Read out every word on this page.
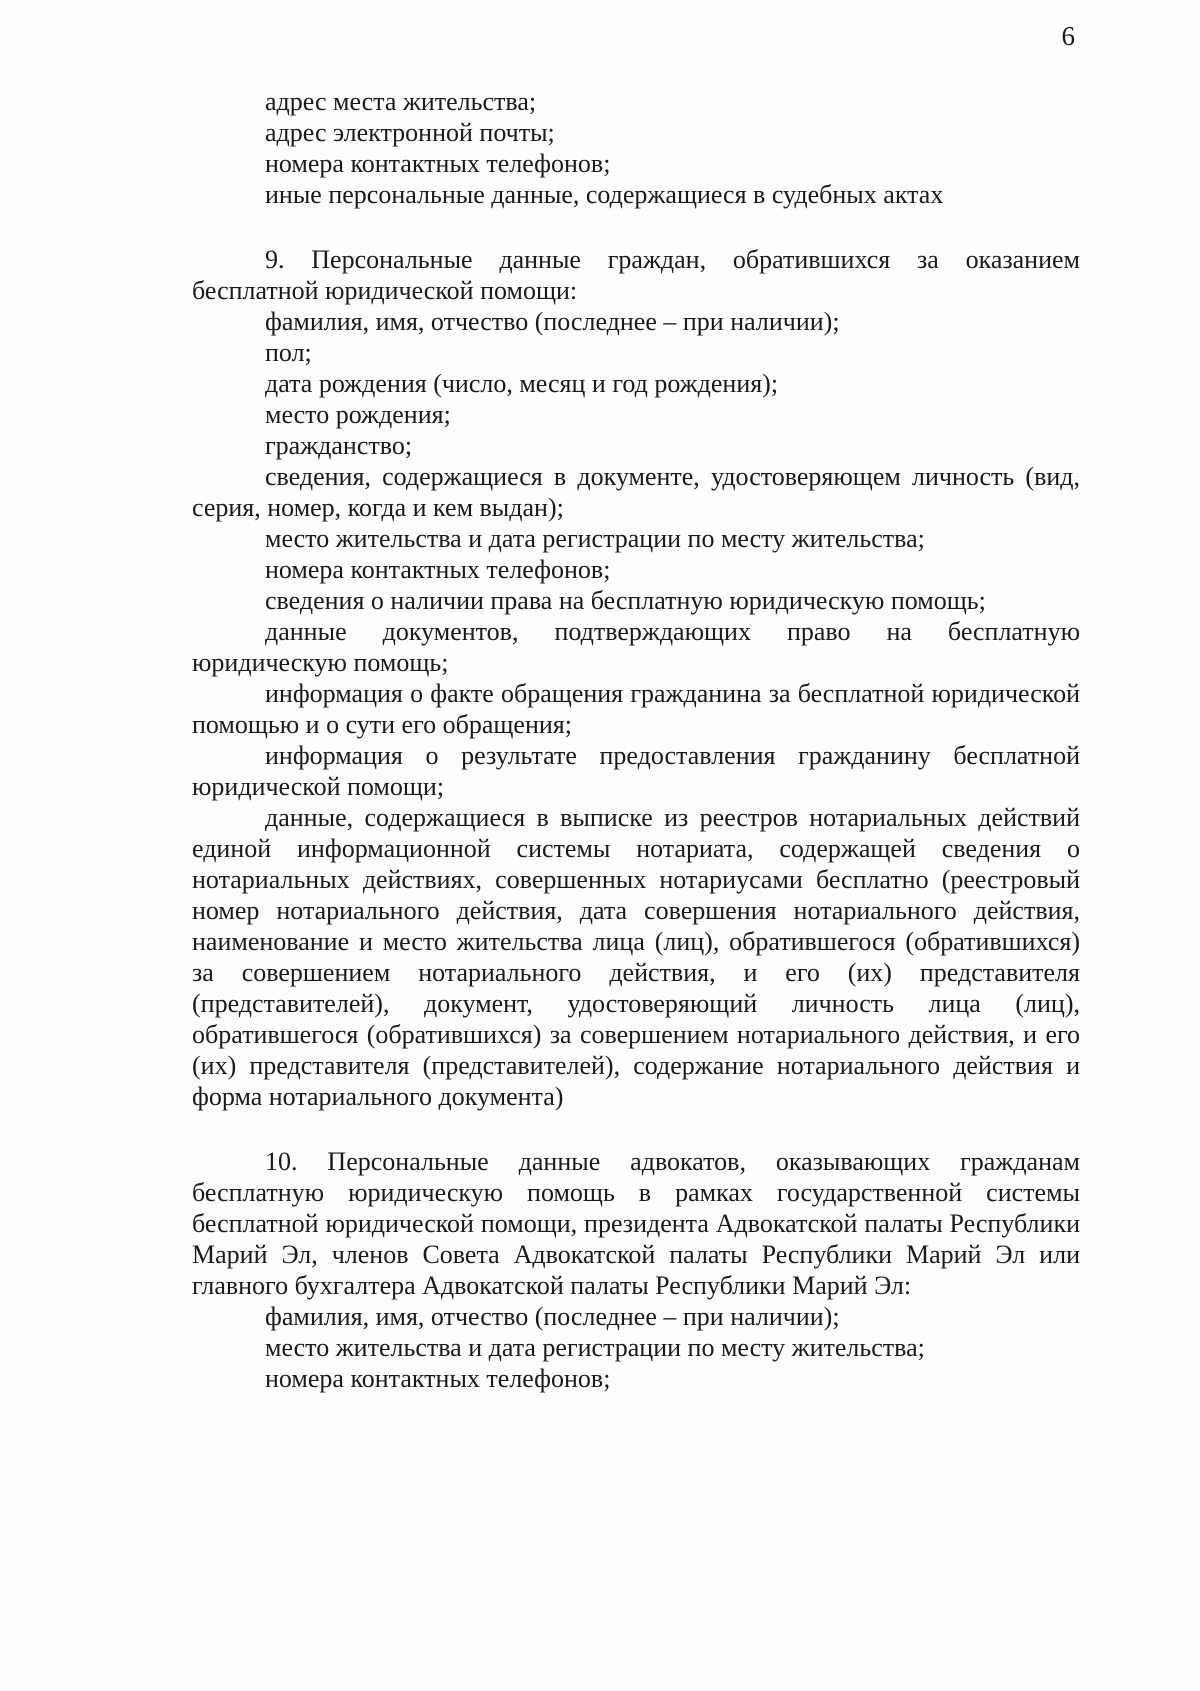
6

адрес места жительства;

адрес электронной почты;

номера контактных телефонов;

иные персональные данные, содержащиеся в судебных актах

9. Персональные данные граждан, обратившихся за оказанием бесплатной юридической помощи:

фамилия, имя, отчество (последнее – при наличии);

пол;

дата рождения (число, месяц и год рождения);

место рождения;

гражданство;

сведения, содержащиеся в документе, удостоверяющем личность (вид, серия, номер, когда и кем выдан);

место жительства и дата регистрации по месту жительства;

номера контактных телефонов;

сведения о наличии права на бесплатную юридическую помощь;

данные документов, подтверждающих право на бесплатную юридическую помощь;

информация о факте обращения гражданина за бесплатной юридической помощью и о сути его обращения;

информация о результате предоставления гражданину бесплатной юридической помощи;

данные, содержащиеся в выписке из реестров нотариальных действий единой информационной системы нотариата, содержащей сведения о нотариальных действиях, совершенных нотариусами бесплатно (реестровый номер нотариального действия, дата совершения нотариального действия, наименование и место жительства лица (лиц), обратившегося (обратившихся) за совершением нотариального действия, и его (их) представителя (представителей), документ, удостоверяющий личность лица (лиц), обратившегося (обратившихся) за совершением нотариального действия, и его (их) представителя (представителей), содержание нотариального действия и форма нотариального документа)

10. Персональные данные адвокатов, оказывающих гражданам бесплатную юридическую помощь в рамках государственной системы бесплатной юридической помощи, президента Адвокатской палаты Республики Марий Эл, членов Совета Адвокатской палаты Республики Марий Эл или главного бухгалтера Адвокатской палаты Республики Марий Эл:

фамилия, имя, отчество (последнее – при наличии);

место жительства и дата регистрации по месту жительства;

номера контактных телефонов;
